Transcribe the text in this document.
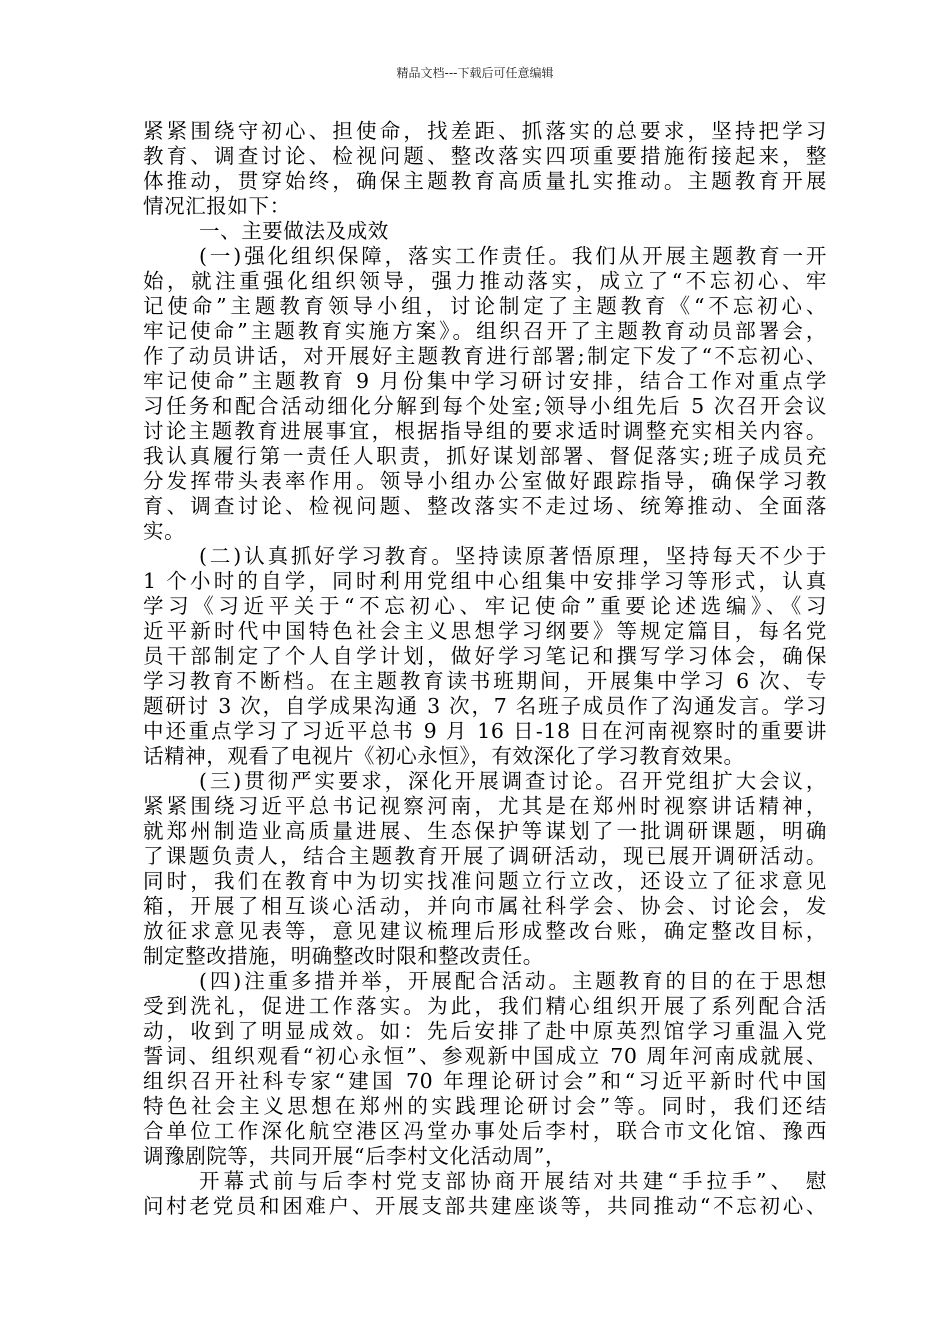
精品文档---下载后可任意编辑
紧紧围绕守初心、担使命，找差距、抓落实的总要求，坚持把学习
教育、调查讨论、检视问题、整改落实四项重要措施衔接起来，整
体推动，贯穿始终，确保主题教育高质量扎实推动。主题教育开展
情况汇报如下：
一、主要做法及成效
(一)强化组织保障，落实工作责任。我们从开展主题教育一开
始，就注重强化组织领导，强力推动落实，成立了“不忘初心、牢
记使命”主题教育领导小组，讨论制定了主题教育《“不忘初心、
牢记使命”主题教育实施方案》。组织召开了主题教育动员部署会，
作了动员讲话，对开展好主题教育进行部署;制定下发了“不忘初心、
牢记使命”主题教育 9 月份集中学习研讨安排，结合工作对重点学
习任务和配合活动细化分解到每个处室;领导小组先后 5 次召开会议
讨论主题教育进展事宜，根据指导组的要求适时调整充实相关内容。
我认真履行第一责任人职责，抓好谋划部署、督促落实;班子成员充
分发挥带头表率作用。领导小组办公室做好跟踪指导，确保学习教
育、调查讨论、检视问题、整改落实不走过场、统筹推动、全面落
实。
(二)认真抓好学习教育。坚持读原著悟原理，坚持每天不少于
1 个小时的自学，同时利用党组中心组集中安排学习等形式，认真
学习《习近平关于“不忘初心、牢记使命”重要论述选编》、《习
近平新时代中国特色社会主义思想学习纲要》等规定篇目，每名党
员干部制定了个人自学计划，做好学习笔记和撰写学习体会，确保
学习教育不断档。在主题教育读书班期间，开展集中学习 6 次、专
题研讨 3 次，自学成果沟通 3 次，7 名班子成员作了沟通发言。学习
中还重点学习了习近平总书 9 月 16 日-18 日在河南视察时的重要讲
话精神，观看了电视片《初心永恒》，有效深化了学习教育效果。
(三)贯彻严实要求，深化开展调查讨论。召开党组扩大会议，
紧紧围绕习近平总书记视察河南，尤其是在郑州时视察讲话精神，
就郑州制造业高质量进展、生态保护等谋划了一批调研课题，明确
了课题负责人，结合主题教育开展了调研活动，现已展开调研活动。
同时，我们在教育中为切实找准问题立行立改，还设立了征求意见
箱，开展了相互谈心活动，并向市属社科学会、协会、讨论会，发
放征求意见表等，意见建议梳理后形成整改台账，确定整改目标，
制定整改措施，明确整改时限和整改责任。
(四)注重多措并举，开展配合活动。主题教育的目的在于思想
受到洗礼，促进工作落实。为此，我们精心组织开展了系列配合活
动，收到了明显成效。如：先后安排了赴中原英烈馆学习重温入党
誓词、组织观看“初心永恒”、参观新中国成立 70 周年河南成就展、
组织召开社科专家“建国 70 年理论研讨会”和“习近平新时代中国
特色社会主义思想在郑州的实践理论研讨会”等。同时，我们还结
合单位工作深化航空港区冯堂办事处后李村，联合市文化馆、豫西
调豫剧院等，共同开展“后李村文化活动周”，
开幕式前与后李村党支部协商开展结对共建“手拉手”、 慰
问村老党员和困难户、开展支部共建座谈等，共同推动“不忘初心、
